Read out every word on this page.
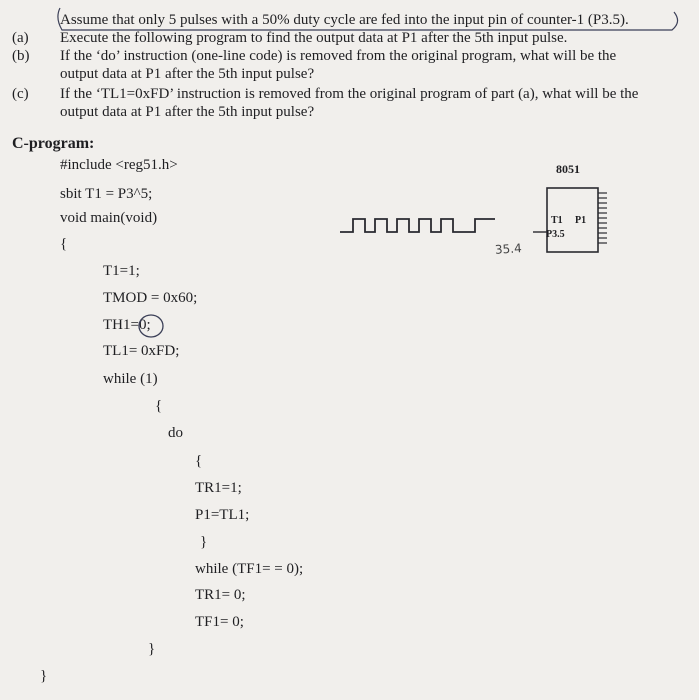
Assume that only 5 pulses with a 50% duty cycle are fed into the input pin of counter-1 (P3.5).
(a) Execute the following program to find the output data at P1 after the 5th input pulse.
(b) If the ‘do’ instruction (one-line code) is removed from the original program, what will be the
output data at P1 after the 5th input pulse?
(c) If the ‘TL1=0xFD’ instruction is removed from the original program of part (a), what will be the
output data at P1 after the 5th input pulse?
C-program:
#include <reg51.h>
sbit T1 = P3^5;
void main(void)
{
T1=1;
TMOD = 0x60;
TH1=0;
TL1= 0xFD;
while (1)
{
do
{
TR1=1;
P1=TL1;
}
while (TF1= = 0);
TR1= 0;
TF1= 0;
}
}
8051
T1 P1
P3.5
35.4
